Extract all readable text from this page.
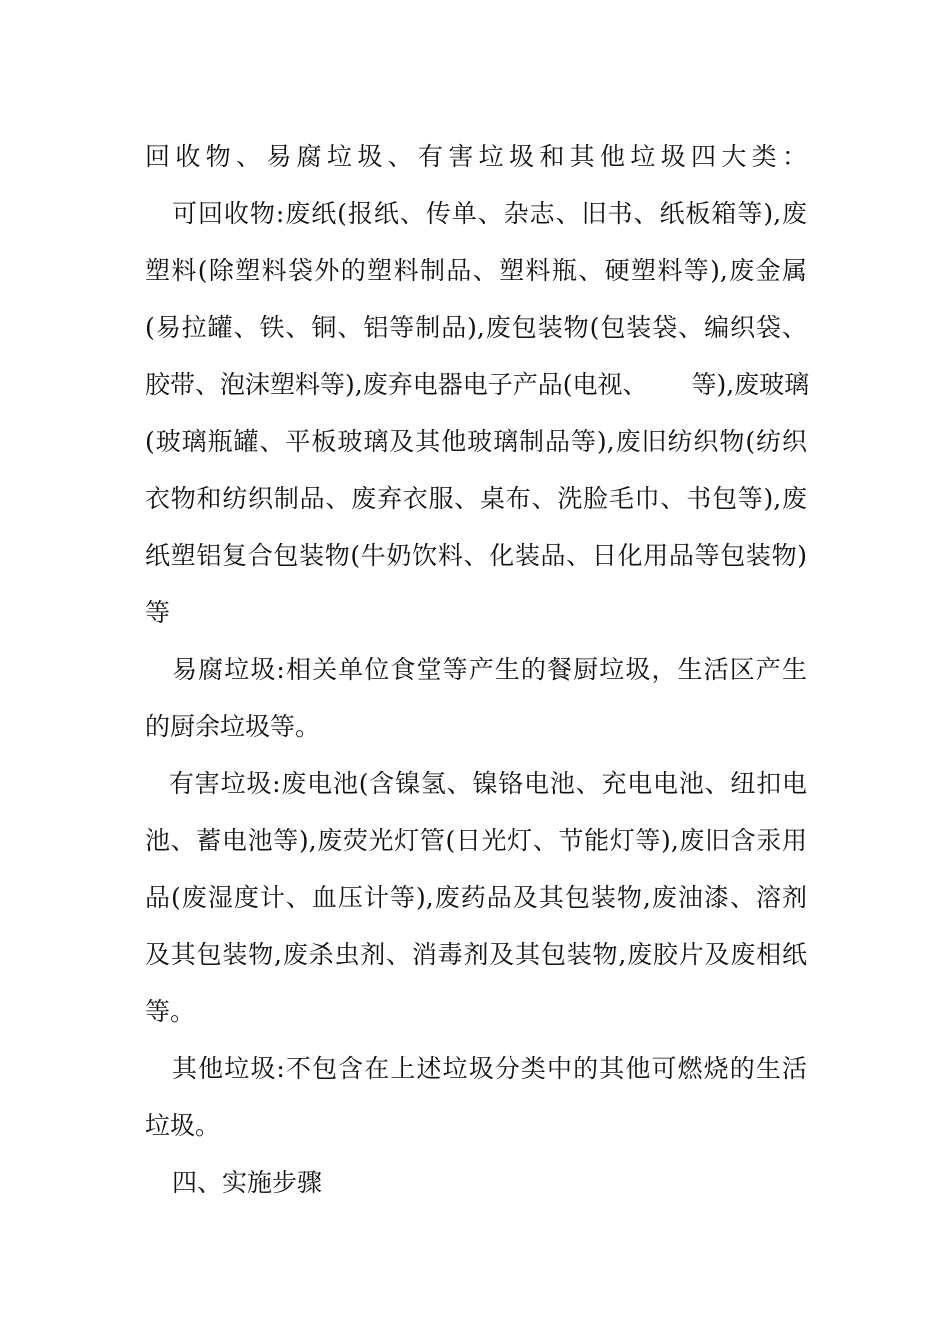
回收物、易腐垃圾、有害垃圾和其他垃圾四大类：
可回收物:废纸(报纸、传单、杂志、旧书、纸板箱等),废
塑料(除塑料袋外的塑料制品、塑料瓶、硬塑料等),废金属
(易拉罐、铁、铜、铝等制品),废包装物(包装袋、编织袋、
胶带、泡沫塑料等),废弃电器电子产品(电视、 等),废玻璃
(玻璃瓶罐、平板玻璃及其他玻璃制品等),废旧纺织物(纺织
衣物和纺织制品、废弃衣服、桌布、洗脸毛巾、书包等),废
纸塑铝复合包装物(牛奶饮料、化装品、日化用品等包装物)
等
易腐垃圾:相关单位食堂等产生的餐厨垃圾，生活区产生
的厨余垃圾等。
有害垃圾:废电池(含镍氢、镍铬电池、充电电池、纽扣电
池、蓄电池等),废荧光灯管(日光灯、节能灯等),废旧含汞用
品(废湿度计、血压计等),废药品及其包装物,废油漆、溶剂
及其包装物,废杀虫剂、消毒剂及其包装物,废胶片及废相纸
等。
其他垃圾:不包含在上述垃圾分类中的其他可燃烧的生活
垃圾。
四、实施步骤
